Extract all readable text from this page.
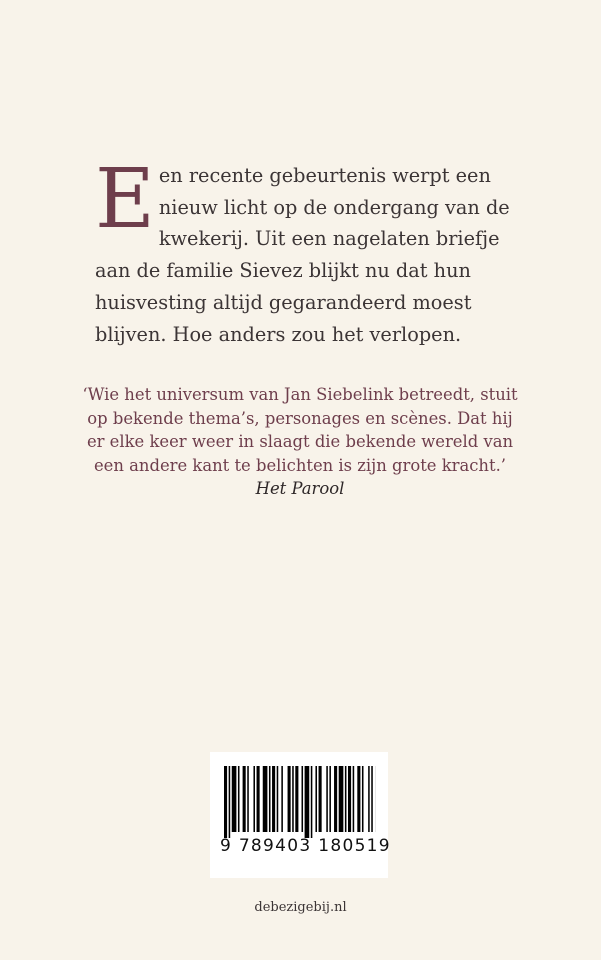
Een recente gebeurtenis werpt een nieuw licht op de ondergang van de kwekerij. Uit een nagelaten briefje aan de familie Sievez blijkt nu dat hun huisvesting altijd gegarandeerd moest blijven. Hoe anders zou het verlopen.

‘Wie het universum van Jan Siebelink betreedt, stuit op bekende thema’s, personages en scènes. Dat hij er elke keer weer in slaagt die bekende wereld van een andere kant te belichten is zijn grote kracht.’
Het Parool

9 789403 180519
debezigebij.nl
